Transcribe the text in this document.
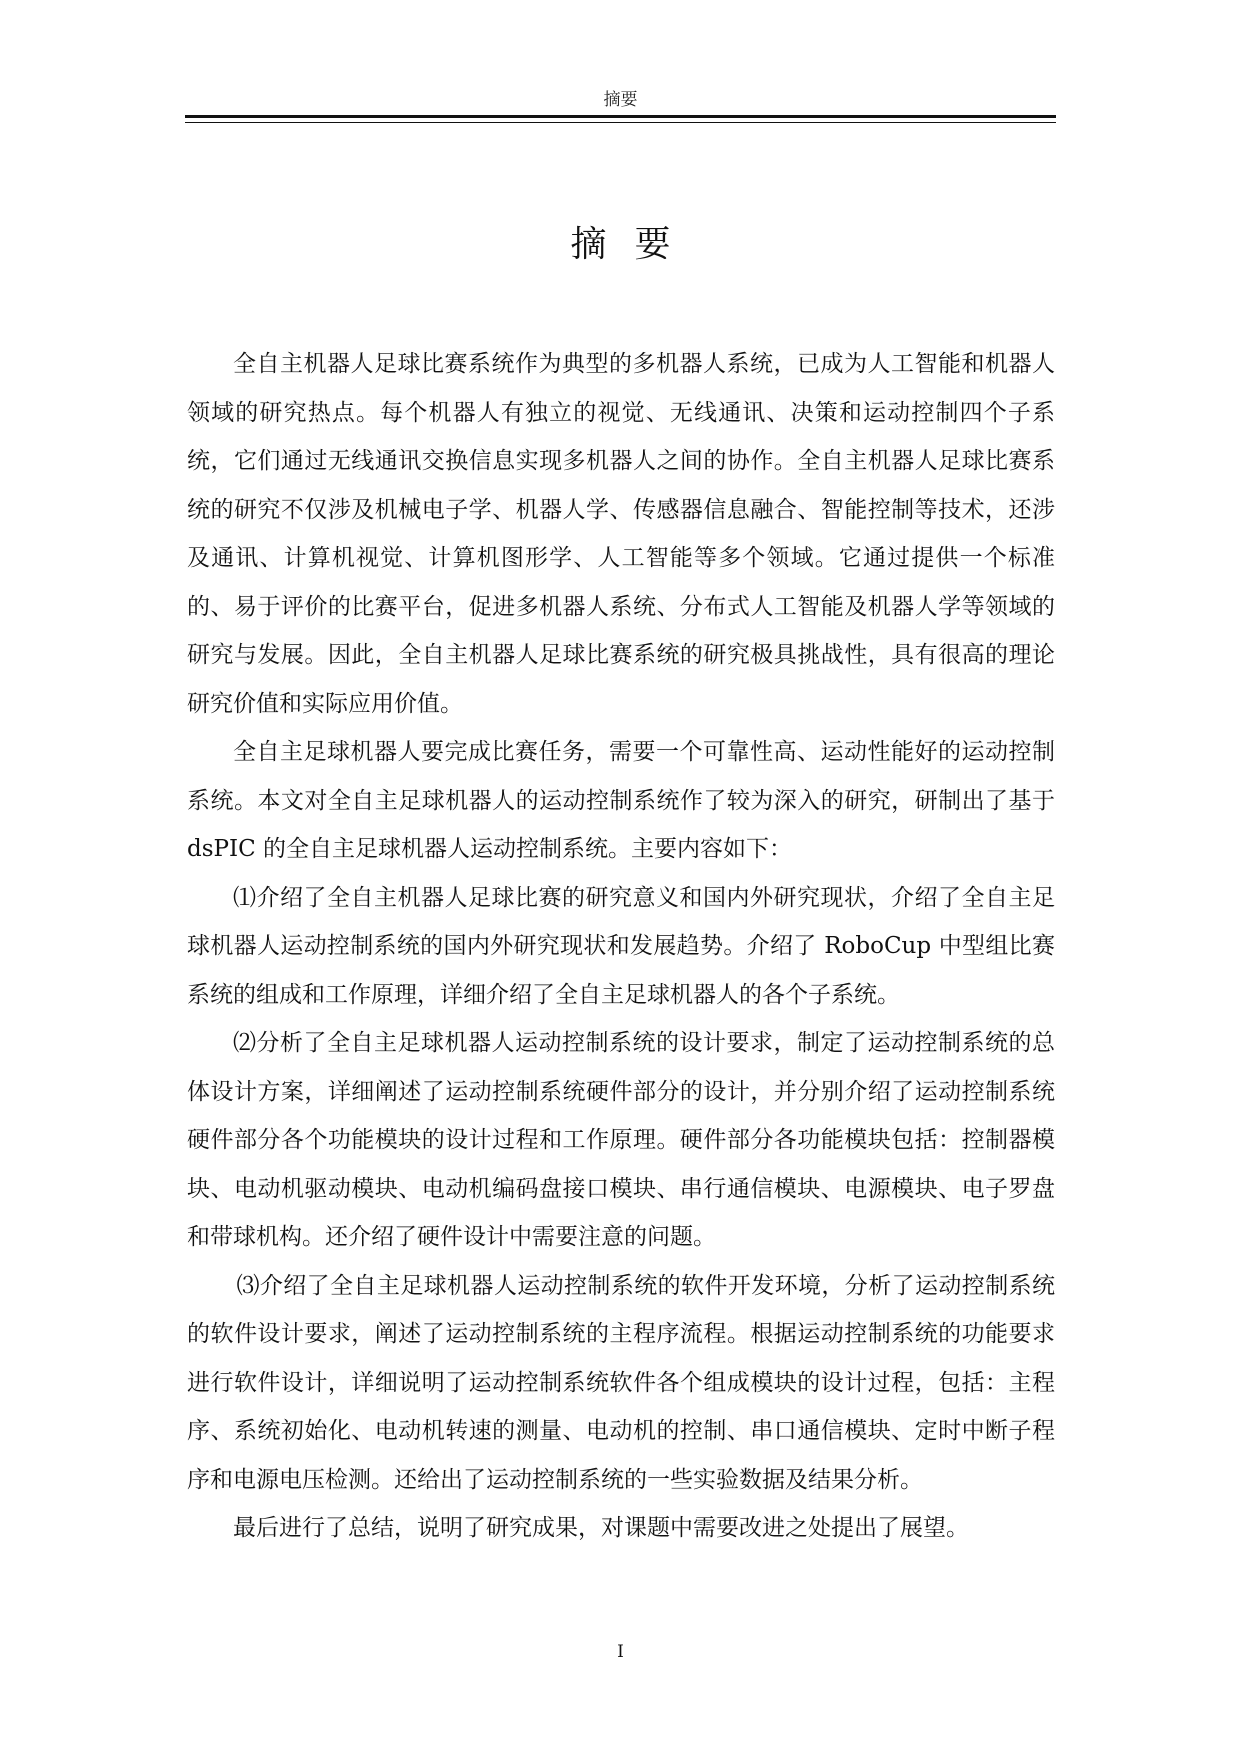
摘要
摘要

全自主机器人足球比赛系统作为典型的多机器人系统，已成为人工智能和机器人领域的研究热点。每个机器人有独立的视觉、无线通讯、决策和运动控制四个子系统，它们通过无线通讯交换信息实现多机器人之间的协作。全自主机器人足球比赛系统的研究不仅涉及机械电子学、机器人学、传感器信息融合、智能控制等技术，还涉及通讯、计算机视觉、计算机图形学、人工智能等多个领域。它通过提供一个标准的、易于评价的比赛平台，促进多机器人系统、分布式人工智能及机器人学等领域的研究与发展。因此，全自主机器人足球比赛系统的研究极具挑战性，具有很高的理论研究价值和实际应用价值。

全自主足球机器人要完成比赛任务，需要一个可靠性高、运动性能好的运动控制系统。本文对全自主足球机器人的运动控制系统作了较为深入的研究，研制出了基于 dsPIC 的全自主足球机器人运动控制系统。主要内容如下：

⑴介绍了全自主机器人足球比赛的研究意义和国内外研究现状，介绍了全自主足球机器人运动控制系统的国内外研究现状和发展趋势。介绍了 RoboCup 中型组比赛系统的组成和工作原理，详细介绍了全自主足球机器人的各个子系统。

⑵分析了全自主足球机器人运动控制系统的设计要求，制定了运动控制系统的总体设计方案，详细阐述了运动控制系统硬件部分的设计，并分别介绍了运动控制系统硬件部分各个功能模块的设计过程和工作原理。硬件部分各功能模块包括：控制器模块、电动机驱动模块、电动机编码盘接口模块、串行通信模块、电源模块、电子罗盘和带球机构。还介绍了硬件设计中需要注意的问题。

⑶介绍了全自主足球机器人运动控制系统的软件开发环境，分析了运动控制系统的软件设计要求，阐述了运动控制系统的主程序流程。根据运动控制系统的功能要求进行软件设计，详细说明了运动控制系统软件各个组成模块的设计过程，包括：主程序、系统初始化、电动机转速的测量、电动机的控制、串口通信模块、定时中断子程序和电源电压检测。还给出了运动控制系统的一些实验数据及结果分析。

最后进行了总结，说明了研究成果，对课题中需要改进之处提出了展望。

I
